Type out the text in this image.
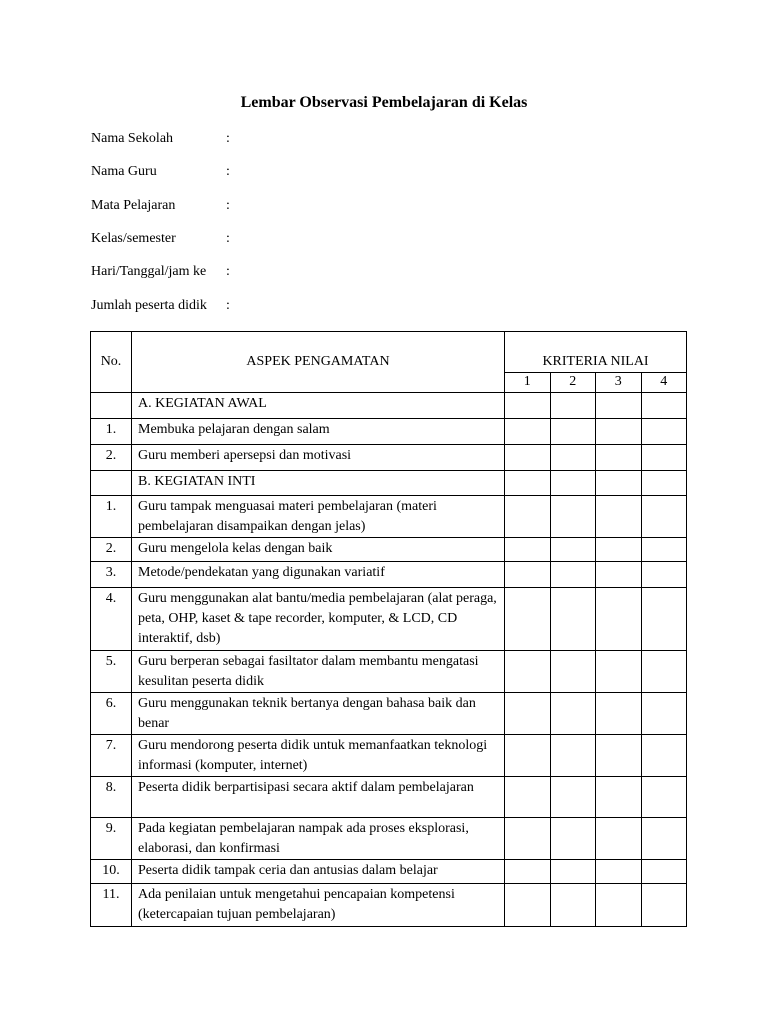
Lembar Observasi Pembelajaran di Kelas
Nama Sekolah	:
Nama Guru	:
Mata Pelajaran	:
Kelas/semester	:
Hari/Tanggal/jam ke :
Jumlah peserta didik :
No.	ASPEK PENGAMATAN	KRITERIA NILAI			
		1	2	3	4
	A. KEGIATAN AWAL				
1.	Membuka pelajaran dengan salam				
2.	Guru memberi apersepsi dan motivasi				
	B. KEGIATAN INTI				
1.	Guru tampak menguasai materi pembelajaran (materi pembelajaran disampaikan dengan jelas)				
2.	Guru mengelola kelas dengan baik				
3.	Metode/pendekatan yang digunakan variatif				
4.	Guru menggunakan alat bantu/media pembelajaran (alat peraga, peta, OHP, kaset & tape recorder, komputer, & LCD, CD interaktif, dsb)				
5.	Guru berperan sebagai fasiltator dalam membantu mengatasi kesulitan peserta didik				
6.	Guru menggunakan teknik bertanya dengan bahasa baik dan benar				
7.	Guru mendorong peserta didik untuk memanfaatkan teknologi informasi (komputer, internet)				
8.	Peserta didik berpartisipasi secara aktif dalam pembelajaran				
9.	Pada kegiatan pembelajaran nampak ada proses eksplorasi, elaborasi, dan konfirmasi				
10.	Peserta didik tampak ceria dan antusias dalam belajar				
11.	Ada penilaian untuk mengetahui pencapaian kompetensi (ketercapaian tujuan pembelajaran)				
